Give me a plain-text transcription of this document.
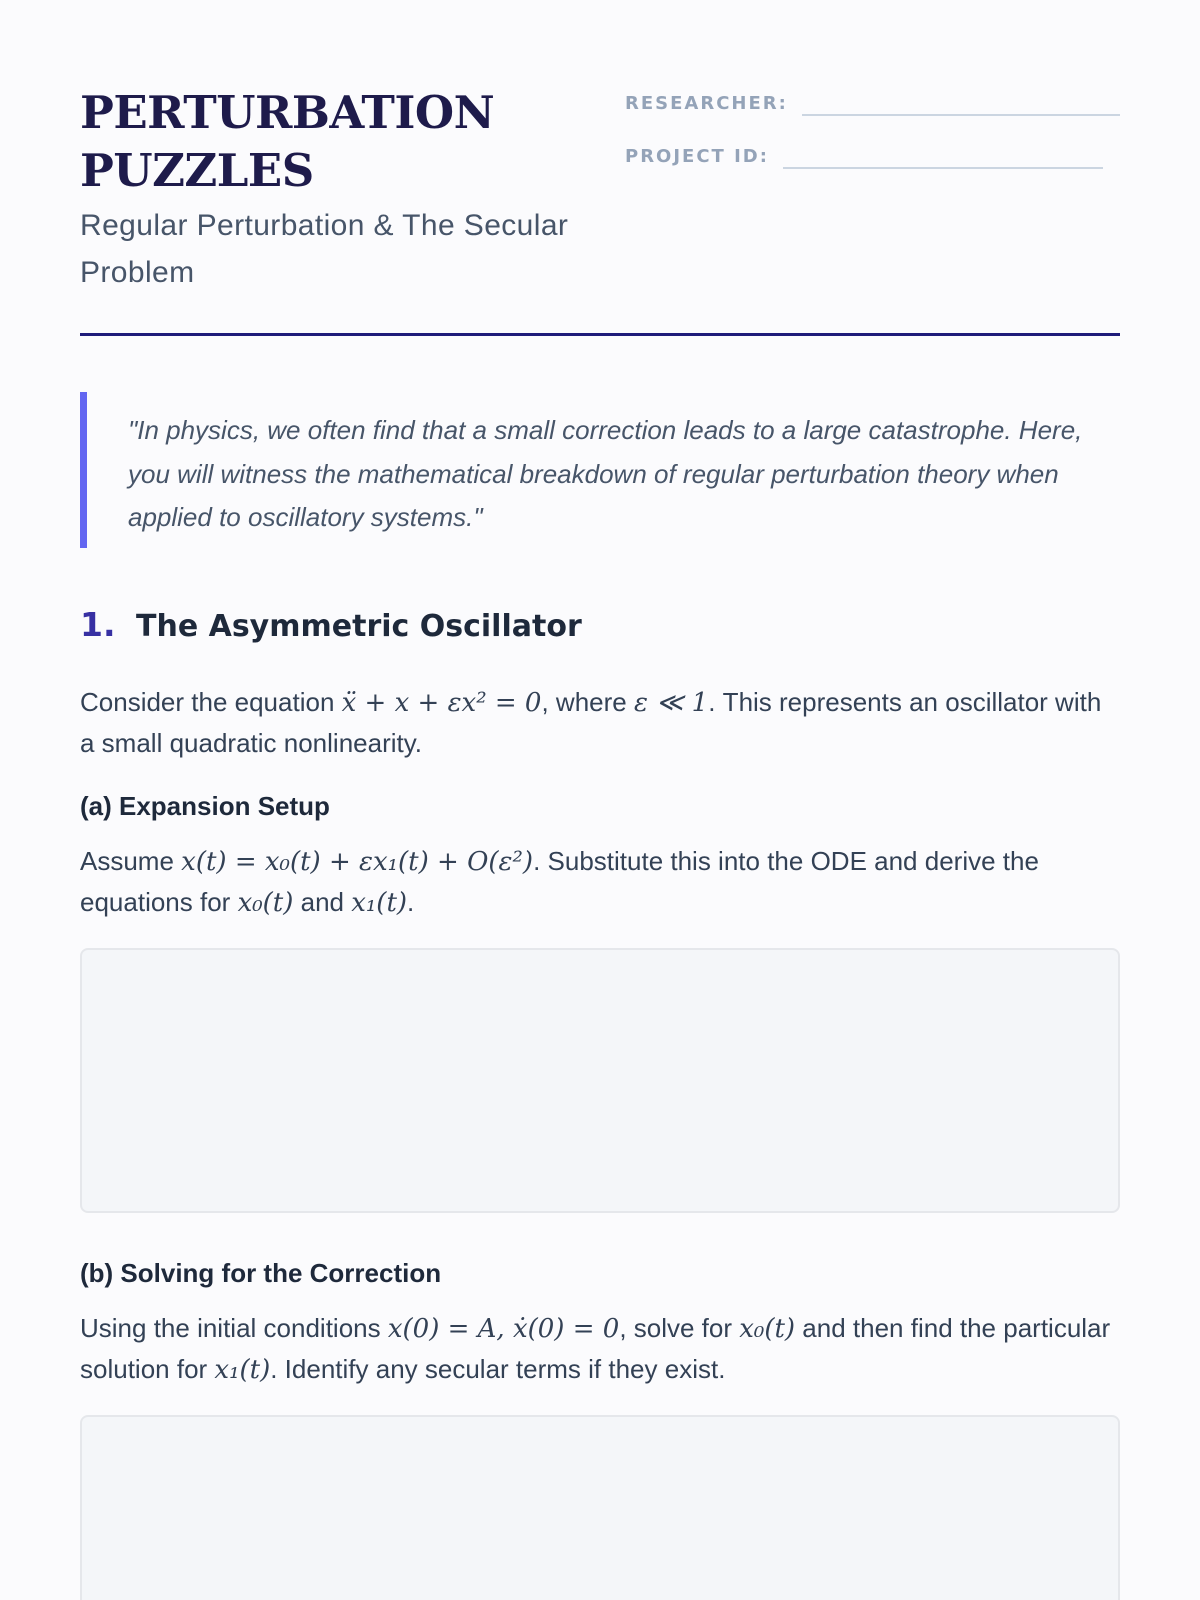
PERTURBATION
PUZZLES
Regular Perturbation & The Secular Problem
RESEARCHER:
PROJECT ID:
"In physics, we often find that a small correction leads to a large catastrophe. Here, you will witness the mathematical breakdown of regular perturbation theory when applied to oscillatory systems."
1. The Asymmetric Oscillator
Consider the equation ẍ + x + εx² = 0, where ε ≪ 1. This represents an oscillator with a small quadratic nonlinearity.
(a) Expansion Setup
Assume x(t) = x₀(t) + εx₁(t) + O(ε²). Substitute this into the ODE and derive the equations for x₀(t) and x₁(t).
(b) Solving for the Correction
Using the initial conditions x(0) = A, ẋ(0) = 0, solve for x₀(t) and then find the particular solution for x₁(t). Identify any secular terms if they exist.
